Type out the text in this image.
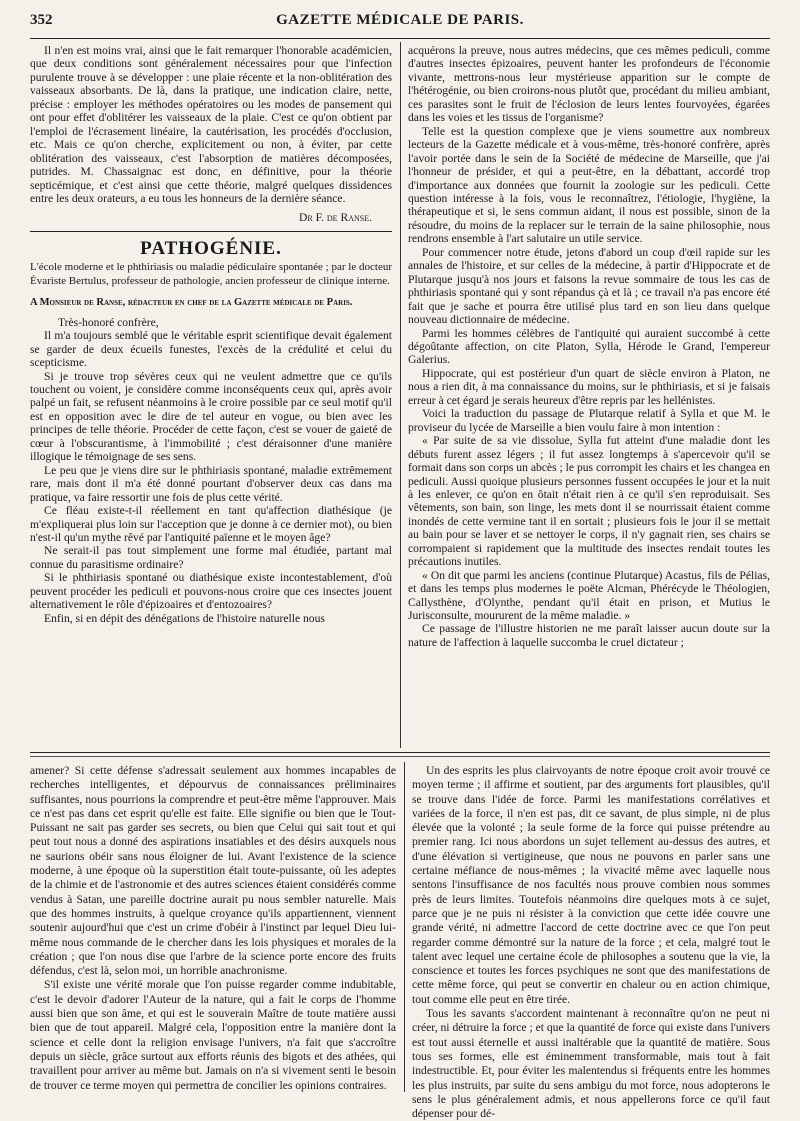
352	GAZETTE MÉDICALE DE PARIS.

Il n'en est moins vrai, ainsi que le fait remarquer l'honorable académicien, que deux conditions sont généralement nécessaires pour que l'infection purulente trouve à se développer : une plaie récente et la non-oblitération des vaisseaux absorbants. De là, dans la pratique, une indication claire, nette, précise : employer les méthodes opératoires ou les modes de pansement qui ont pour effet d'oblitérer les vaisseaux de la plaie. C'est ce qu'on obtient par l'emploi de l'écrasement linéaire, la cautérisation, les procédés d'occlusion, etc. Mais ce qu'on cherche, explicitement ou non, à éviter, par cette oblitération des vaisseaux, c'est l'absorption de matières décomposées, putrides. M. Chassaignac est donc, en définitive, pour la théorie septicémique, et c'est ainsi que cette théorie, malgré quelques dissidences entre les deux orateurs, a eu tous les honneurs de la dernière séance.

Dr F. de Ranse.

PATHOGÉNIE.

L'école moderne et le phthiriasis ou maladie pédiculaire spontanée ; par le docteur Évariste Bertulus, professeur de pathologie, ancien professeur de clinique interne.

A Monsieur de Ranse, rédacteur en chef de la Gazette médicale de Paris.

Très-honoré confrère,

Il m'a toujours semblé que le véritable esprit scientifique devait également se garder de deux écueils funestes, l'excès de la crédulité et celui du scepticisme.

Si je trouve trop sévères ceux qui ne veulent admettre que ce qu'ils touchent ou voient, je considère comme inconséquents ceux qui, après avoir palpé un fait, se refusent néanmoins à le croire possible par ce seul motif qu'il est en opposition avec le dire de tel auteur en vogue, ou bien avec les principes de telle théorie. Procéder de cette façon, c'est se vouer de gaieté de cœur à l'obscurantisme, à l'immobilité ; c'est déraisonner d'une manière illogique le témoignage de ses sens.

Le peu que je viens dire sur le phthiriasis spontané, maladie extrêmement rare, mais dont il m'a été donné pourtant d'observer deux cas dans ma pratique, va faire ressortir une fois de plus cette vérité.

Ce fléau existe-t-il réellement en tant qu'affection diathésique (je m'expliquerai plus loin sur l'acception que je donne à ce dernier mot), ou bien n'est-il qu'un mythe rêvé par l'antiquité païenne et le moyen âge?

Ne serait-il pas tout simplement une forme mal étudiée, partant mal connue du parasitisme ordinaire?

Si le phthiriasis spontané ou diathésique existe incontestablement, d'où peuvent procéder les pediculi et pouvons-nous croire que ces insectes jouent alternativement le rôle d'épizoaires et d'entozoaires?

Enfin, si en dépit des dénégations de l'histoire naturelle nous

acquérons la preuve, nous autres médecins, que ces mêmes pediculi, comme d'autres insectes épizoaires, peuvent hanter les profondeurs de l'économie vivante, mettrons-nous leur mystérieuse apparition sur le compte de l'hétérogénie, ou bien croirons-nous plutôt que, procédant du milieu ambiant, ces parasites sont le fruit de l'éclosion de leurs lentes fourvoyées, égarées dans les voies et les tissus de l'organisme?

Telle est la question complexe que je viens soumettre aux nombreux lecteurs de la Gazette médicale et à vous-même, très-honoré confrère, après l'avoir portée dans le sein de la Société de médecine de Marseille, que j'ai l'honneur de présider, et qui a peut-être, en la débattant, accordé trop d'importance aux données que fournit la zoologie sur les pediculi. Cette question intéresse à la fois, vous le reconnaîtrez, l'étiologie, l'hygiène, la thérapeutique et si, le sens commun aidant, il nous est possible, sinon de la résoudre, du moins de la replacer sur le terrain de la saine philosophie, nous rendrons ensemble à l'art salutaire un utile service.

Pour commencer notre étude, jetons d'abord un coup d'œil rapide sur les annales de l'histoire, et sur celles de la médecine, à partir d'Hippocrate et de Plutarque jusqu'à nos jours et faisons la revue sommaire de tous les cas de phthiriasis spontané qui y sont répandus çà et là ; ce travail n'a pas encore été fait que je sache et pourra être utilisé plus tard en son lieu dans quelque nouveau dictionnaire de médecine.

Parmi les hommes célèbres de l'antiquité qui auraient succombé à cette dégoûtante affection, on cite Platon, Sylla, Hérode le Grand, l'empereur Galerius.

Hippocrate, qui est postérieur d'un quart de siècle environ à Platon, ne nous a rien dit, à ma connaissance du moins, sur le phthiriasis, et si je faisais erreur à cet égard je serais heureux d'être repris par les hellénistes.

Voici la traduction du passage de Plutarque relatif à Sylla et que M. le proviseur du lycée de Marseille a bien voulu faire à mon intention :

« Par suite de sa vie dissolue, Sylla fut atteint d'une maladie dont les débuts furent assez légers ; il fut assez longtemps à s'apercevoir qu'il se formait dans son corps un abcès ; le pus corrompit les chairs et les changea en pediculi. Aussi quoique plusieurs personnes fussent occupées le jour et la nuit à les enlever, ce qu'on en ôtait n'était rien à ce qu'il s'en reproduisait. Ses vêtements, son bain, son linge, les mets dont il se nourrissait étaient comme inondés de cette vermine tant il en sortait ; plusieurs fois le jour il se mettait au bain pour se laver et se nettoyer le corps, il n'y gagnait rien, ses chairs se corrompaient si rapidement que la multitude des insectes rendait toutes les précautions inutiles.

« On dit que parmi les anciens (continue Plutarque) Acastus, fils de Pélias, et dans les temps plus modernes le poëte Alcman, Phérécyde le Théologien, Callysthène, d'Olynthe, pendant qu'il était en prison, et Mutius le Jurisconsulte, moururent de la même maladie. »

Ce passage de l'illustre historien ne me paraît laisser aucun doute sur la nature de l'affection à laquelle succomba le cruel dictateur ;

amener? Si cette défense s'adressait seulement aux hommes incapables de recherches intelligentes, et dépourvus de connaissances préliminaires suffisantes, nous pourrions la comprendre et peut-être même l'approuver. Mais ce n'est pas dans cet esprit qu'elle est faite. Elle signifie ou bien que le Tout-Puissant ne sait pas garder ses secrets, ou bien que Celui qui sait tout et qui peut tout nous a donné des aspirations insatiables et des désirs auxquels nous ne saurions obéir sans nous éloigner de lui. Avant l'existence de la science moderne, à une époque où la superstition était toute-puissante, où les adeptes de la chimie et de l'astronomie et des autres sciences étaient considérés comme vendus à Satan, une pareille doctrine aurait pu nous sembler naturelle. Mais que des hommes instruits, à quelque croyance qu'ils appartiennent, viennent soutenir aujourd'hui que c'est un crime d'obéir à l'instinct par lequel Dieu lui-même nous commande de le chercher dans les lois physiques et morales de la création ; que l'on nous dise que l'arbre de la science porte encore des fruits défendus, c'est là, selon moi, un horrible anachronisme.

S'il existe une vérité morale que l'on puisse regarder comme indubitable, c'est le devoir d'adorer l'Auteur de la nature, qui a fait le corps de l'homme aussi bien que son âme, et qui est le souverain Maître de toute matière aussi bien que de tout appareil. Malgré cela, l'opposition entre la manière dont la science et celle dont la religion envisage l'univers, n'a fait que s'accroître depuis un siècle, grâce surtout aux efforts réunis des bigots et des athées, qui travaillent pour arriver au même but. Jamais on n'a si vivement senti le besoin de trouver ce terme moyen qui permettra de concilier les opinions contraires.

Un des esprits les plus clairvoyants de notre époque croit avoir trouvé ce moyen terme ; il affirme et soutient, par des arguments fort plausibles, qu'il se trouve dans l'idée de force. Parmi les manifestations corrélatives et variées de la force, il n'en est pas, dit ce savant, de plus simple, ni de plus élevée que la volonté ; la seule forme de la force qui puisse prétendre au premier rang. Ici nous abordons un sujet tellement au-dessus des autres, et d'une élévation si vertigineuse, que nous ne pouvons en parler sans une certaine méfiance de nous-mêmes ; la vivacité même avec laquelle nous sentons l'insuffisance de nos facultés nous prouve combien nous sommes près de leurs limites. Toutefois néanmoins dire quelques mots à ce sujet, parce que je ne puis ni résister à la conviction que cette idée couvre une grande vérité, ni admettre l'accord de cette doctrine avec ce que l'on peut regarder comme démontré sur la nature de la force ; et cela, malgré tout le talent avec lequel une certaine école de philosophes a soutenu que la vie, la conscience et toutes les forces psychiques ne sont que des manifestations de cette même force, qui peut se convertir en chaleur ou en action chimique, tout comme elle peut en être tirée.

Tous les savants s'accordent maintenant à reconnaître qu'on ne peut ni créer, ni détruire la force ; et que la quantité de force qui existe dans l'univers est tout aussi éternelle et aussi inaltérable que la quantité de matière. Sous tous ses formes, elle est éminemment transformable, mais tout à fait indestructible. Et, pour éviter les malentendus si fréquents entre les hommes les plus instruits, par suite du sens ambigu du mot force, nous adopterons le sens le plus généralement admis, et nous appellerons force ce qu'il faut dépenser pour dé-
